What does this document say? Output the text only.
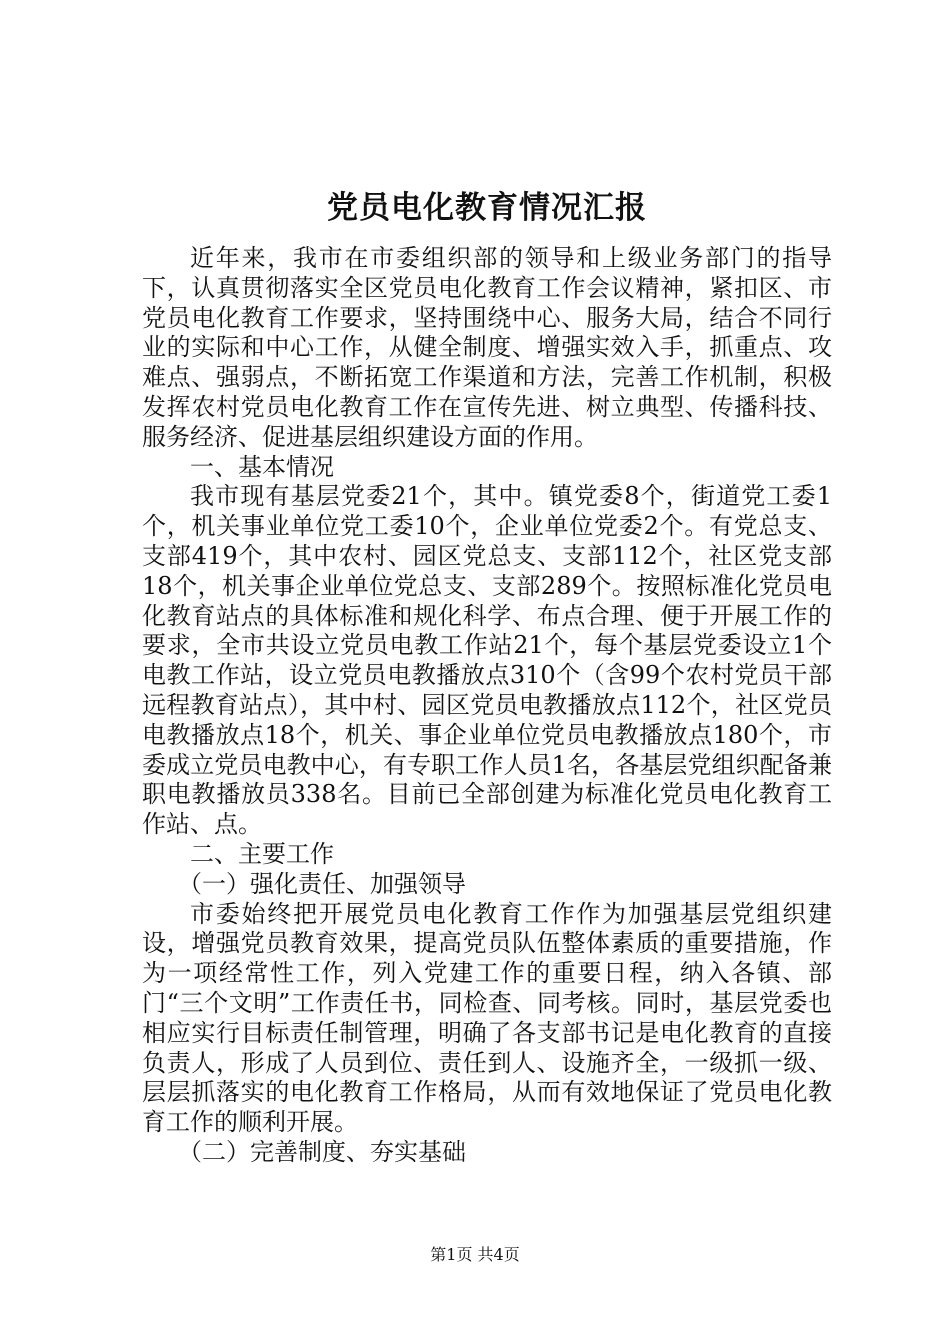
党员电化教育情况汇报

近年来，我市在市委组织部的领导和上级业务部门的指导下，认真贯彻落实全区党员电化教育工作会议精神，紧扣区、市党员电化教育工作要求，坚持围绕中心、服务大局，结合不同行业的实际和中心工作，从健全制度、增强实效入手，抓重点、攻难点、强弱点，不断拓宽工作渠道和方法，完善工作机制，积极发挥农村党员电化教育工作在宣传先进、树立典型、传播科技、服务经济、促进基层组织建设方面的作用。

一、基本情况

我市现有基层党委21个，其中。镇党委8个，街道党工委1个，机关事业单位党工委10个，企业单位党委2个。有党总支、支部419个，其中农村、园区党总支、支部112个，社区党支部18个，机关事企业单位党总支、支部289个。按照标准化党员电化教育站点的具体标准和规化科学、布点合理、便于开展工作的要求，全市共设立党员电教工作站21个，每个基层党委设立1个电教工作站，设立党员电教播放点310个（含99个农村党员干部远程教育站点），其中村、园区党员电教播放点112个，社区党员电教播放点18个，机关、事企业单位党员电教播放点180个，市委成立党员电教中心，有专职工作人员1名，各基层党组织配备兼职电教播放员338名。目前已全部创建为标准化党员电化教育工作站、点。

二、主要工作

（一）强化责任、加强领导

市委始终把开展党员电化教育工作作为加强基层党组织建设，增强党员教育效果，提高党员队伍整体素质的重要措施，作为一项经常性工作，列入党建工作的重要日程，纳入各镇、部门“三个文明”工作责任书，同检查、同考核。同时，基层党委也相应实行目标责任制管理，明确了各支部书记是电化教育的直接负责人，形成了人员到位、责任到人、设施齐全，一级抓一级、层层抓落实的电化教育工作格局，从而有效地保证了党员电化教育工作的顺利开展。

（二）完善制度、夯实基础

第1页 共4页
